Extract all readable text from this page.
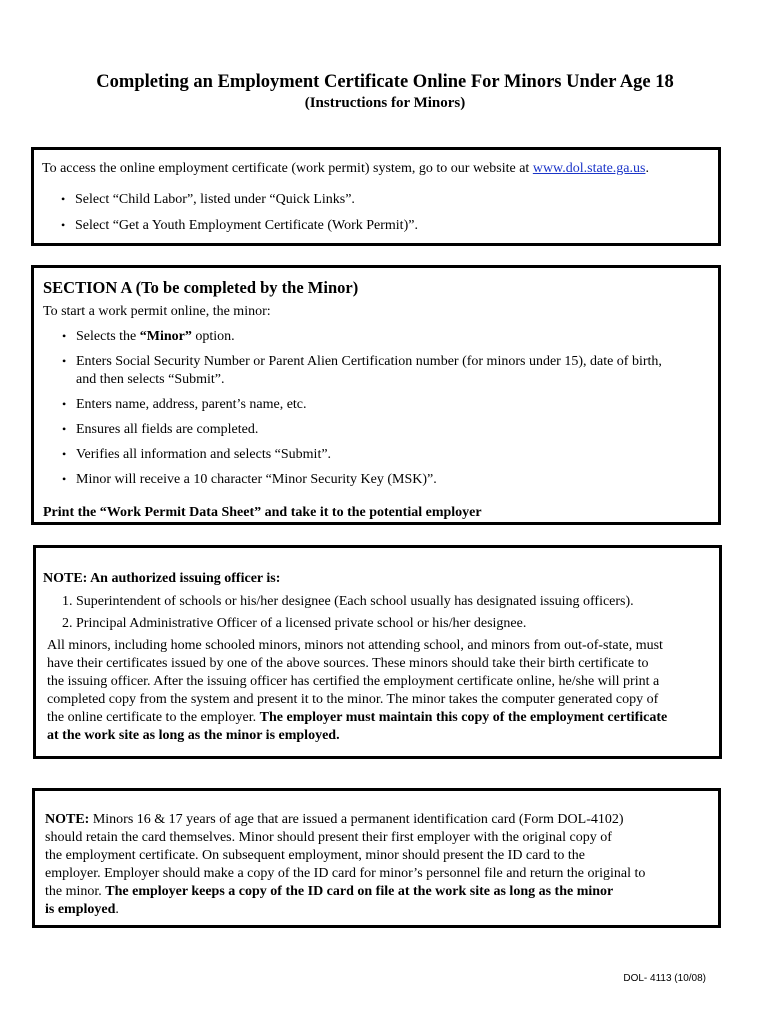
Completing an Employment Certificate Online For Minors Under Age 18
(Instructions for Minors)
To access the online employment certificate (work permit) system, go to our website at www.dol.state.ga.us.
• Select “Child Labor”, listed under “Quick Links”.
• Select “Get a Youth Employment Certificate (Work Permit)”.
SECTION A (To be completed by the Minor)
To start a work permit online, the minor:
• Selects the “Minor” option.
• Enters Social Security Number or Parent Alien Certification number (for minors under 15), date of birth,
and then selects “Submit”.
• Enters name, address, parent’s name, etc.
• Ensures all fields are completed.
• Verifies all information and selects “Submit”.
• Minor will receive a 10 character “Minor Security Key (MSK)”.
Print the “Work Permit Data Sheet” and take it to the potential employer
NOTE: An authorized issuing officer is:
1. Superintendent of schools or his/her designee (Each school usually has designated issuing officers).
2. Principal Administrative Officer of a licensed private school or his/her designee.
All minors, including home schooled minors, minors not attending school, and minors from out-of-state, must
have their certificates issued by one of the above sources. These minors should take their birth certificate to
the issuing officer. After the issuing officer has certified the employment certificate online, he/she will print a
completed copy from the system and present it to the minor. The minor takes the computer generated copy of
the online certificate to the employer. The employer must maintain this copy of the employment certificate
at the work site as long as the minor is employed.
NOTE: Minors 16 & 17 years of age that are issued a permanent identification card (Form DOL-4102)
should retain the card themselves. Minor should present their first employer with the original copy of
the employment certificate. On subsequent employment, minor should present the ID card to the
employer. Employer should make a copy of the ID card for minor’s personnel file and return the original to
the minor. The employer keeps a copy of the ID card on file at the work site as long as the minor
is employed.
DOL- 4113 (10/08)
